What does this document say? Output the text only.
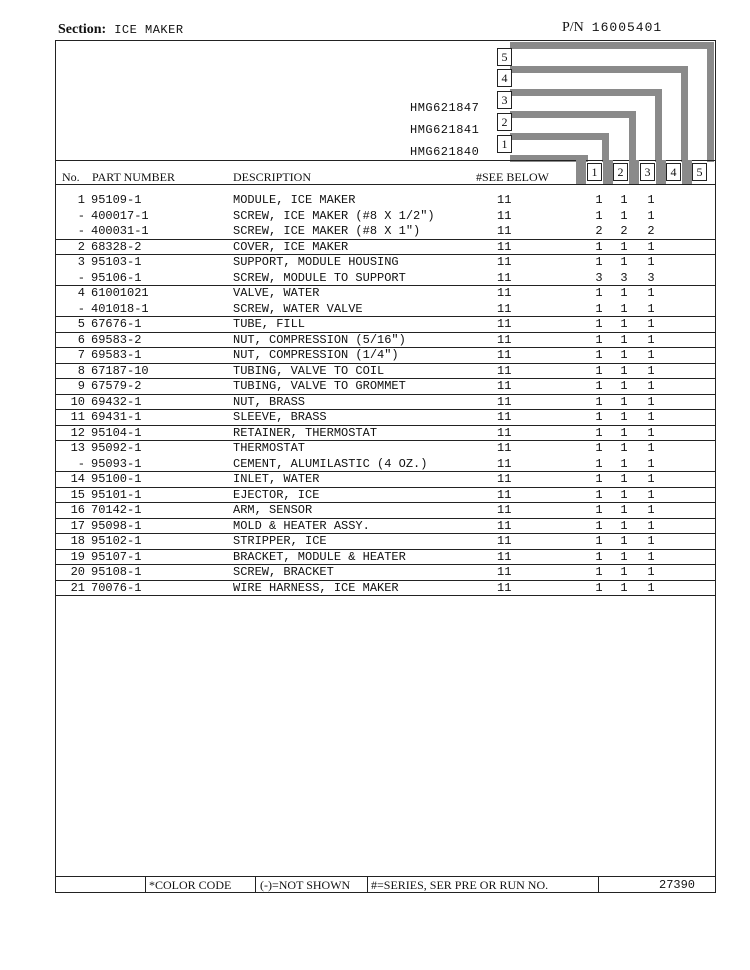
Section: ICE MAKER	P/N 16005401
5
4
3
2
1
HMG621847
HMG621841
HMG621840
No. PART NUMBER	DESCRIPTION	#SEE BELOW	1	2	3	4	5
1 95109-1	MODULE, ICE MAKER	11	1 1 1
- 400017-1	SCREW, ICE MAKER (#8 X 1/2")	11	1 1 1
- 400031-1	SCREW, ICE MAKER (#8 X 1")	11	2 2 2
2 68328-2	COVER, ICE MAKER	11	1 1 1
3 95103-1	SUPPORT, MODULE HOUSING	11	1 1 1
- 95106-1	SCREW, MODULE TO SUPPORT	11	3 3 3
4 61001021	VALVE, WATER	11	1 1 1
- 401018-1	SCREW, WATER VALVE	11	1 1 1
5 67676-1	TUBE, FILL	11	1 1 1
6 69583-2	NUT, COMPRESSION (5/16")	11	1 1 1
7 69583-1	NUT, COMPRESSION (1/4")	11	1 1 1
8 67187-10	TUBING, VALVE TO COIL	11	1 1 1
9 67579-2	TUBING, VALVE TO GROMMET	11	1 1 1
10 69432-1	NUT, BRASS	11	1 1 1
11 69431-1	SLEEVE, BRASS	11	1 1 1
12 95104-1	RETAINER, THERMOSTAT	11	1 1 1
13 95092-1	THERMOSTAT	11	1 1 1
- 95093-1	CEMENT, ALUMILASTIC (4 OZ.)	11	1 1 1
14 95100-1	INLET, WATER	11	1 1 1
15 95101-1	EJECTOR, ICE	11	1 1 1
16 70142-1	ARM, SENSOR	11	1 1 1
17 95098-1	MOLD & HEATER ASSY.	11	1 1 1
18 95102-1	STRIPPER, ICE	11	1 1 1
19 95107-1	BRACKET, MODULE & HEATER	11	1 1 1
20 95108-1	SCREW, BRACKET	11	1 1 1
21 70076-1	WIRE HARNESS, ICE MAKER	11	1 1 1
*COLOR CODE (-)=NOT SHOWN #=SERIES, SER PRE OR RUN NO.	27390
